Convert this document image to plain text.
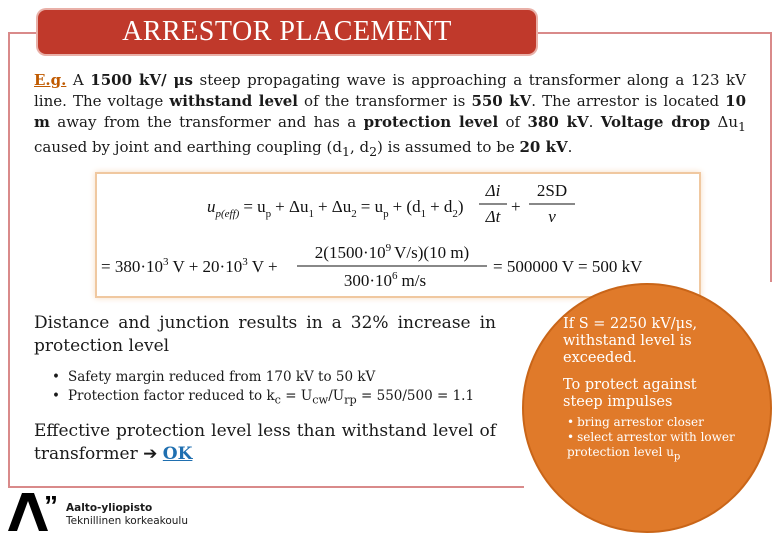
ARRESTOR PLACEMENT
E.g. A 1500 kV/ μs steep propagating wave is approaching a transformer along a 123 kV line. The voltage withstand level of the transformer is 550 kV. The arrestor is located 10 m away from the transformer and has a protection level of 380 kV. Voltage drop $\Delta u_1$ caused by joint and earthing coupling ($d_1$, $d_2$) is assumed to be 20 kV.
$u_{p(eff)} = u_p + \Delta u_1 + \Delta u_2 = u_p + (d_1 + d_2)$
Δi
Δt
+
2SD
v
= $380\cdot 10^3$ $V + 20\cdot 10^3$ V +
$2(1500\cdot 10^9$ V/s)(10 m)
$300\cdot 10^6$ m/s
= 500000 V = 500 kV
Distance and junction results in a 32% increase in protection level
• Safety margin reduced from 170 kV to 50 kV
• Protection factor reduced to $k_c = U_{cw}/U_{rp} = 550/500 = 1.1$
Effective protection level less than withstand level of transformer ➔ OK
If S = 2250 kV/μs, withstand level is exceeded.
To protect against steep impulses
• bring arrestor closer
• select arrestor with lower protection level $u_p$
” Aalto-yliopisto
Teknillinen korkeakoulu
